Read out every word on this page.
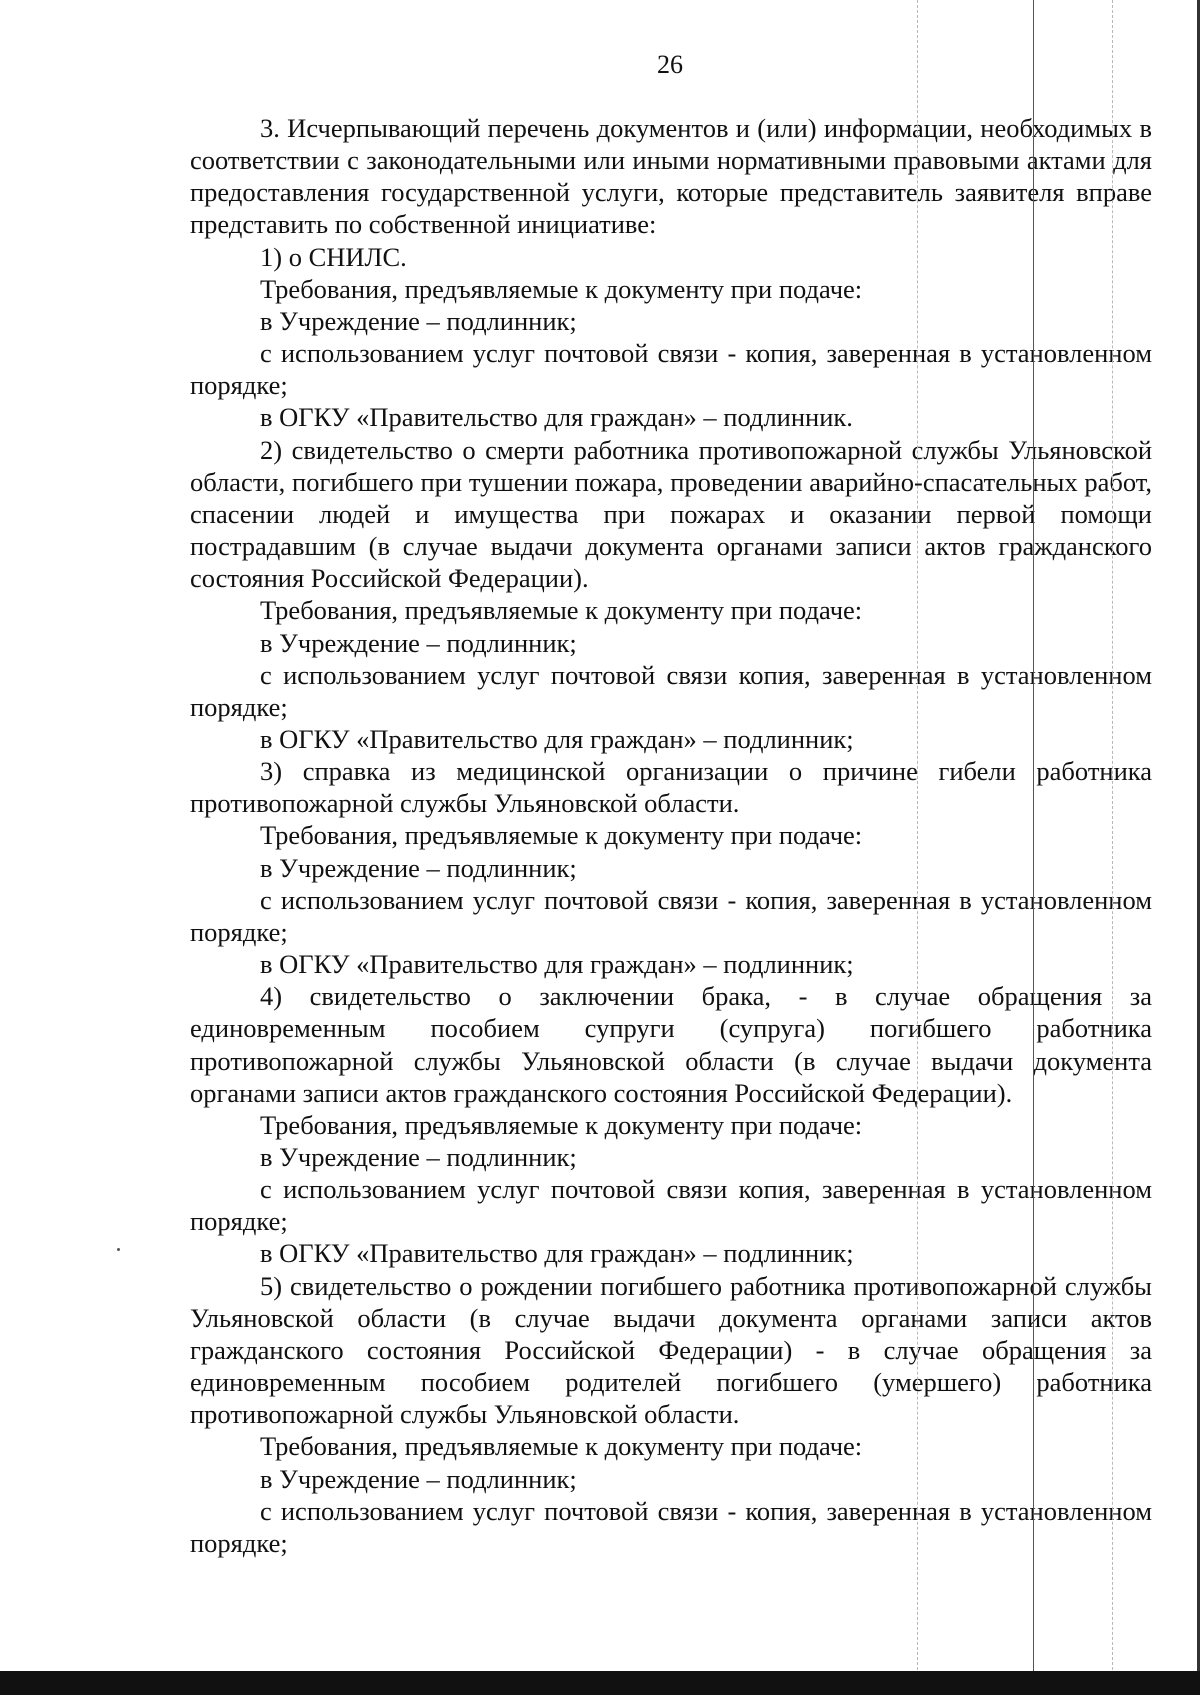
26

3. Исчерпывающий перечень документов и (или) информации, необходимых в соответствии с законодательными или иными нормативными правовыми актами для предоставления государственной услуги, которые представитель заявителя вправе представить по собственной инициативе:

1) о СНИЛС.

Требования, предъявляемые к документу при подаче:

в Учреждение – подлинник;

с использованием услуг почтовой связи - копия, заверенная в установленном порядке;

в ОГКУ «Правительство для граждан» – подлинник.

2) свидетельство о смерти работника противопожарной службы Ульяновской области, погибшего при тушении пожара, проведении аварийно-спасательных работ, спасении людей и имущества при пожарах и оказании первой помощи пострадавшим (в случае выдачи документа органами записи актов гражданского состояния Российской Федерации).

Требования, предъявляемые к документу при подаче:

в Учреждение – подлинник;

с использованием услуг почтовой связи копия, заверенная в установленном порядке;

в ОГКУ «Правительство для граждан» – подлинник;

3) справка из медицинской организации о причине гибели работника противопожарной службы Ульяновской области.

Требования, предъявляемые к документу при подаче:

в Учреждение – подлинник;

с использованием услуг почтовой связи - копия, заверенная в установленном порядке;

в ОГКУ «Правительство для граждан» – подлинник;

4) свидетельство о заключении брака, - в случае обращения за единовременным пособием супруги (супруга) погибшего работника противопожарной службы Ульяновской области (в случае выдачи документа органами записи актов гражданского состояния Российской Федерации).

Требования, предъявляемые к документу при подаче:

в Учреждение – подлинник;

с использованием услуг почтовой связи копия, заверенная в установленном порядке;

в ОГКУ «Правительство для граждан» – подлинник;

5) свидетельство о рождении погибшего работника противопожарной службы Ульяновской области (в случае выдачи документа органами записи актов гражданского состояния Российской Федерации) - в случае обращения за единовременным пособием родителей погибшего (умершего) работника противопожарной службы Ульяновской области.

Требования, предъявляемые к документу при подаче:

в Учреждение – подлинник;

с использованием услуг почтовой связи - копия, заверенная в установленном порядке;
